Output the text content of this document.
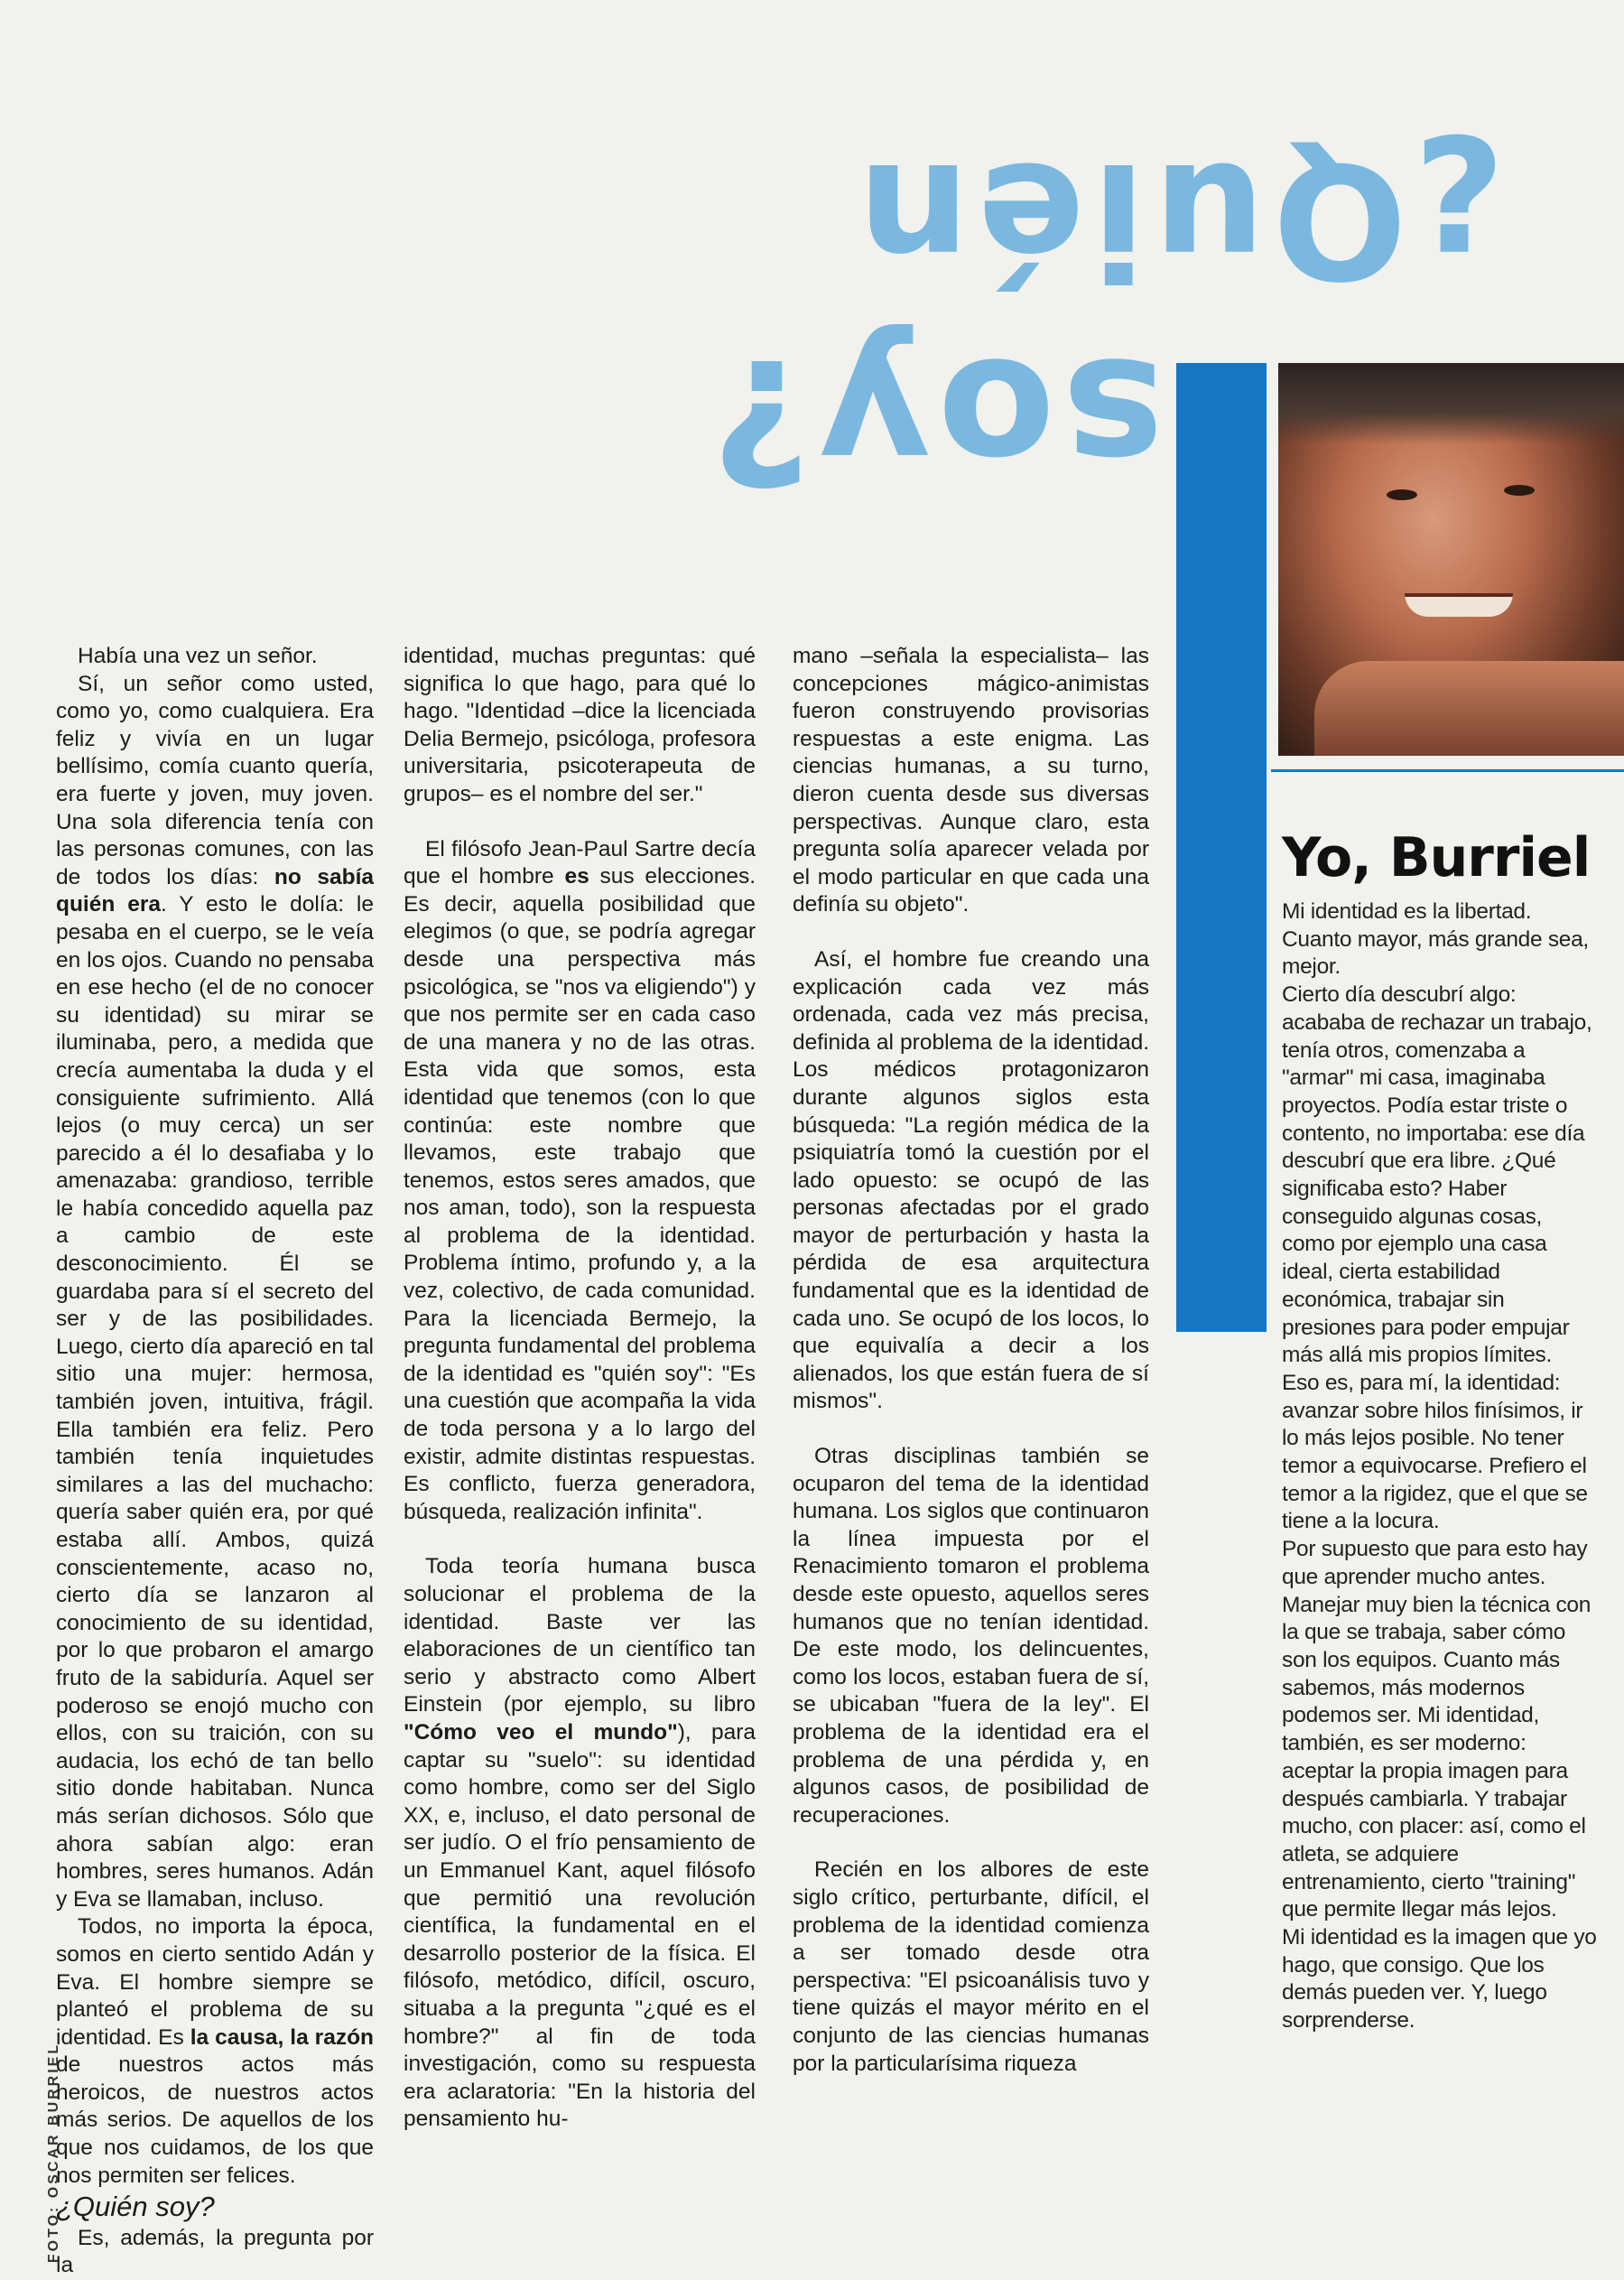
¿Quién
soy?
Yo, Burriel

Mi identidad es la libertad. Cuanto mayor, más grande sea, mejor.

Cierto día descubrí algo: acababa de rechazar un trabajo, tenía otros, comenzaba a "armar" mi casa, imaginaba proyectos. Podía estar triste o contento, no importaba: ese día descubrí que era libre. ¿Qué significaba esto? Haber conseguido algunas cosas, como por ejemplo una casa ideal, cierta estabilidad económica, trabajar sin presiones para poder empujar más allá mis propios límites.

Eso es, para mí, la identidad: avanzar sobre hilos finísimos, ir lo más lejos posible. No tener temor a equivocarse. Prefiero el temor a la rigidez, que el que se tiene a la locura.

Por supuesto que para esto hay que aprender mucho antes. Manejar muy bien la técnica con la que se trabaja, saber cómo son los equipos. Cuanto más sabemos, más modernos podemos ser. Mi identidad, también, es ser moderno: aceptar la propia imagen para después cambiarla. Y trabajar mucho, con placer: así, como el atleta, se adquiere entrenamiento, cierto "training" que permite llegar más lejos.

Mi identidad es la imagen que yo hago, que consigo. Que los demás pueden ver. Y, luego sorprenderse.

Había una vez un señor.

Sí, un señor como usted, como yo, como cualquiera. Era feliz y vivía en un lugar bellísimo, comía cuanto quería, era fuerte y joven, muy joven. Una sola diferencia tenía con las personas comunes, con las de todos los días: no sabía quién era. Y esto le dolía: le pesaba en el cuerpo, se le veía en los ojos. Cuando no pensaba en ese hecho (el de no conocer su identidad) su mirar se iluminaba, pero, a medida que crecía aumentaba la duda y el consiguiente sufrimiento. Allá lejos (o muy cerca) un ser parecido a él lo desafiaba y lo amenazaba: grandioso, terrible le había concedido aquella paz a cambio de este desconocimiento. Él se guardaba para sí el secreto del ser y de las posibilidades. Luego, cierto día apareció en tal sitio una mujer: hermosa, también joven, intuitiva, frágil. Ella también era feliz. Pero también tenía inquietudes similares a las del muchacho: quería saber quién era, por qué estaba allí. Ambos, quizá conscientemente, acaso no, cierto día se lanzaron al conocimiento de su identidad, por lo que probaron el amargo fruto de la sabiduría. Aquel ser poderoso se enojó mucho con ellos, con su traición, con su audacia, los echó de tan bello sitio donde habitaban. Nunca más serían dichosos. Sólo que ahora sabían algo: eran hombres, seres humanos. Adán y Eva se llamaban, incluso.

Todos, no importa la época, somos en cierto sentido Adán y Eva. El hombre siempre se planteó el problema de su identidad. Es la causa, la razón de nuestros actos más heroicos, de nuestros actos más serios. De aquellos de los que nos cuidamos, de los que nos permiten ser felices.

¿Quién soy?

Es, además, la pregunta por la

identidad, muchas preguntas: qué significa lo que hago, para qué lo hago. "Identidad –dice la licenciada Delia Bermejo, psicóloga, profesora universitaria, psicoterapeuta de grupos– es el nombre del ser."

El filósofo Jean-Paul Sartre decía que el hombre es sus elecciones. Es decir, aquella posibilidad que elegimos (o que, se podría agregar desde una perspectiva más psicológica, se "nos va eligiendo") y que nos permite ser en cada caso de una manera y no de las otras. Esta vida que somos, esta identidad que tenemos (con lo que continúa: este nombre que llevamos, este trabajo que tenemos, estos seres amados, que nos aman, todo), son la respuesta al problema de la identidad. Problema íntimo, profundo y, a la vez, colectivo, de cada comunidad. Para la licenciada Bermejo, la pregunta fundamental del problema de la identidad es "quién soy": "Es una cuestión que acompaña la vida de toda persona y a lo largo del existir, admite distintas respuestas. Es conflicto, fuerza generadora, búsqueda, realización infinita".

Toda teoría humana busca solucionar el problema de la identidad. Baste ver las elaboraciones de un científico tan serio y abstracto como Albert Einstein (por ejemplo, su libro "Cómo veo el mundo"), para captar su "suelo": su identidad como hombre, como ser del Siglo XX, e, incluso, el dato personal de ser judío. O el frío pensamiento de un Emmanuel Kant, aquel filósofo que permitió una revolución científica, la fundamental en el desarrollo posterior de la física. El filósofo, metódico, difícil, oscuro, situaba a la pregunta "¿qué es el hombre?" al fin de toda investigación, como su respuesta era aclaratoria: "En la historia del pensamiento hu-

mano –señala la especialista– las concepciones mágico-animistas fueron construyendo provisorias respuestas a este enigma. Las ciencias humanas, a su turno, dieron cuenta desde sus diversas perspectivas. Aunque claro, esta pregunta solía aparecer velada por el modo particular en que cada una definía su objeto".

Así, el hombre fue creando una explicación cada vez más ordenada, cada vez más precisa, definida al problema de la identidad. Los médicos protagonizaron durante algunos siglos esta búsqueda: "La región médica de la psiquiatría tomó la cuestión por el lado opuesto: se ocupó de las personas afectadas por el grado mayor de perturbación y hasta la pérdida de esa arquitectura fundamental que es la identidad de cada uno. Se ocupó de los locos, lo que equivalía a decir a los alienados, los que están fuera de sí mismos".

Otras disciplinas también se ocuparon del tema de la identidad humana. Los siglos que continuaron la línea impuesta por el Renacimiento tomaron el problema desde este opuesto, aquellos seres humanos que no tenían identidad. De este modo, los delincuentes, como los locos, estaban fuera de sí, se ubicaban "fuera de la ley". El problema de la identidad era el problema de una pérdida y, en algunos casos, de posibilidad de recuperaciones.

Recién en los albores de este siglo crítico, perturbante, difícil, el problema de la identidad comienza a ser tomado desde otra perspectiva: "El psicoanálisis tuvo y tiene quizás el mayor mérito en el conjunto de las ciencias humanas por la particularísima riqueza

FOTO: OSCAR BURRIEL
